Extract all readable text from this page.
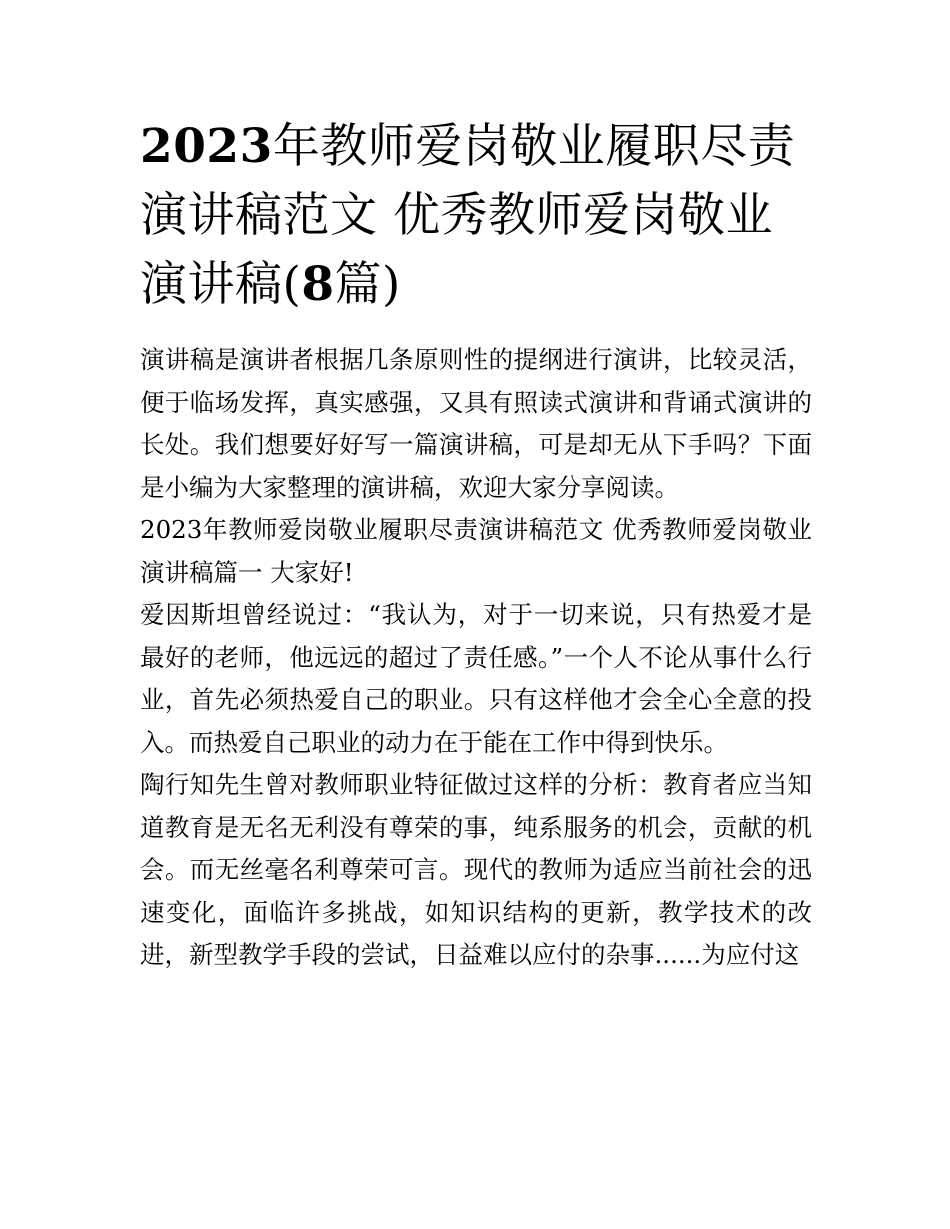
2023年教师爱岗敬业履职尽责演讲稿范文 优秀教师爱岗敬业演讲稿(8篇)

演讲稿是演讲者根据几条原则性的提纲进行演讲，比较灵活，便于临场发挥，真实感强，又具有照读式演讲和背诵式演讲的长处。我们想要好好写一篇演讲稿，可是却无从下手吗？下面是小编为大家整理的演讲稿，欢迎大家分享阅读。

2023年教师爱岗敬业履职尽责演讲稿范文 优秀教师爱岗敬业演讲稿篇一 大家好!

爱因斯坦曾经说过：“我认为，对于一切来说，只有热爱才是最好的老师，他远远的超过了责任感。”一个人不论从事什么行业，首先必须热爱自己的职业。只有这样他才会全心全意的投入。而热爱自己职业的动力在于能在工作中得到快乐。

陶行知先生曾对教师职业特征做过这样的分析：教育者应当知道教育是无名无利没有尊荣的事，纯系服务的机会，贡献的机会。而无丝毫名利尊荣可言。现代的教师为适应当前社会的迅速变化，面临许多挑战，如知识结构的更新，教学技术的改进，新型教学手段的尝试，日益难以应付的杂事......为应付这
